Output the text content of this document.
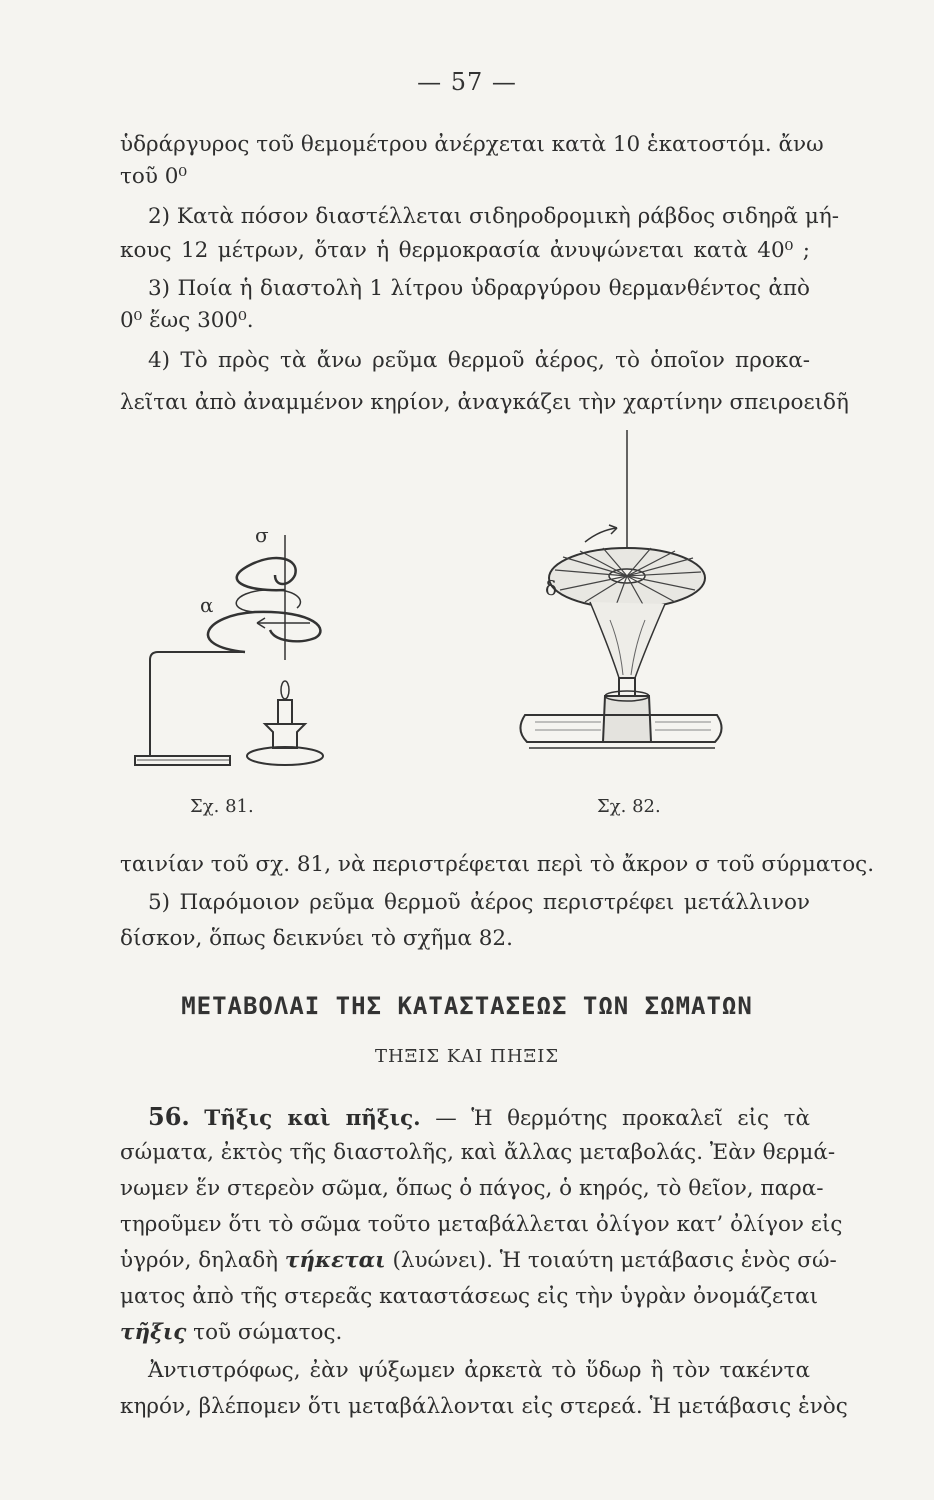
— 57 —
ὑδράργυρος τοῦ θεμομέτρου ἀνέρχεται κατὰ 10 ἑκατοστόμ. ἄνω
τοῦ 0⁰
2) Κατὰ πόσον διαστέλλεται σιδηροδρομικὴ ράβδος σιδηρᾶ μή-
κους 12 μέτρων, ὅταν ἡ θερμοκρασία ἀνυψώνεται κατὰ 40⁰ ;
3) Ποία ἡ διαστολὴ 1 λίτρου ὑδραργύρου θερμανθέντος ἀπὸ
0⁰ ἕως 300⁰.
4) Τὸ πρὸς τὰ ἄνω ρεῦμα θερμοῦ ἀέρος, τὸ ὁποῖον προκα-
λεῖται ἀπὸ ἀναμμένον κηρίον, ἀναγκάζει τὴν χαρτίνην σπειροειδῆ
σ
α
Σχ. 81.
δ
Σχ. 82.
ταινίαν τοῦ σχ. 81, νὰ περιστρέφεται περὶ τὸ ἄκρον σ τοῦ σύρματος.
5) Παρόμοιον ρεῦμα θερμοῦ ἀέρος περιστρέφει μετάλλινον
δίσκον, ὅπως δεικνύει τὸ σχῆμα 82.
ΜΕΤΑΒΟΛΑΙ ΤΗΣ ΚΑΤΑΣΤΑΣΕΩΣ ΤΩΝ ΣΩΜΑΤΩΝ
ΤΗΞΙΣ ΚΑΙ ΠΗΞΙΣ
56. Τῆξις καὶ πῆξις. — Ἡ θερμότης προκαλεῖ εἰς τὰ
σώματα, ἐκτὸς τῆς διαστολῆς, καὶ ἄλλας μεταβολάς. Ἐὰν θερμά-
νωμεν ἕν στερεὸν σῶμα, ὅπως ὁ πάγος, ὁ κηρός, τὸ θεῖον, παρα-
τηροῦμεν ὅτι τὸ σῶμα τοῦτο μεταβάλλεται ὀλίγον κατ’ ὀλίγον εἰς
ὑγρόν, δηλαδὴ τήκεται (λυώνει). Ἡ τοιαύτη μετάβασις ἑνὸς σώ-
ματος ἀπὸ τῆς στερεᾶς καταστάσεως εἰς τὴν ὑγρὰν ὀνομάζεται
τῆξις τοῦ σώματος.
Ἀντιστρόφως, ἐὰν ψύξωμεν ἀρκετὰ τὸ ὕδωρ ἢ τὸν τακέντα
κηρόν, βλέπομεν ὅτι μεταβάλλονται εἰς στερεά. Ἡ μετάβασις ἑνὸς
